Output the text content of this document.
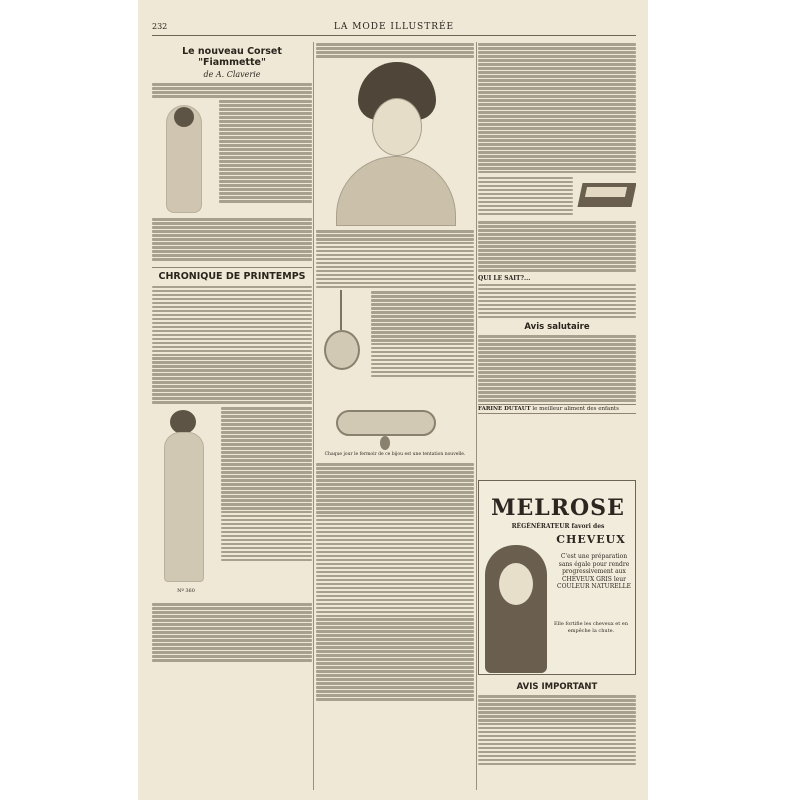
232	LA MODE ILLUSTRÉE
Le nouveau Corset "Fiammette"
de A. Claverie
CHRONIQUE DE PRINTEMPS
Nº 360
Chaque jour le fermoir de ce bijou est une tentation nouvelle.
QUI LE SAIT?...
Avis salutaire
FARINE DUTAUT le meilleur aliment des enfants
MELROSE
RÉGÉNÉRATEUR favori des
CHEVEUX
C'est une préparation sans égale pour rendre progressivement aux CHEVEUX GRIS leur COULEUR NATURELLE
Elle fortifie les cheveux et en empêche la chute.
AVIS IMPORTANT
